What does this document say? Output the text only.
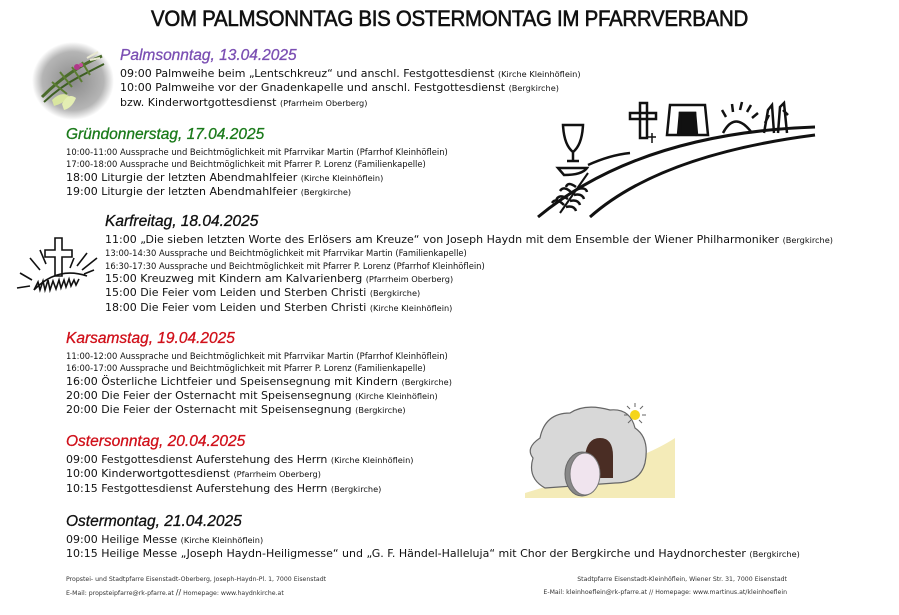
VOM PALMSONNTAG BIS OSTERMONTAG IM PFARRVERBAND
Palmsonntag, 13.04.2025
09:00 Palmweihe beim „Lentschkreuz“ und anschl. Festgottesdienst (Kirche Kleinhöflein)
10:00 Palmweihe vor der Gnadenkapelle und anschl. Festgottesdienst (Bergkirche)
bzw. Kinderwortgottesdienst (Pfarrheim Oberberg)
Gründonnerstag, 17.04.2025
10:00-11:00 Aussprache und Beichtmöglichkeit mit Pfarrvikar Martin (Pfarrhof Kleinhöflein)
17:00-18:00 Aussprache und Beichtmöglichkeit mit Pfarrer P. Lorenz (Familienkapelle)
18:00 Liturgie der letzten Abendmahlfeier (Kirche Kleinhöflein)
19:00 Liturgie der letzten Abendmahlfeier (Bergkirche)
Karfreitag, 18.04.2025
11:00 „Die sieben letzten Worte des Erlösers am Kreuze“ von Joseph Haydn mit dem Ensemble der Wiener Philharmoniker (Bergkirche)
13:00-14:30 Aussprache und Beichtmöglichkeit mit Pfarrvikar Martin (Familienkapelle)
16:30-17:30 Aussprache und Beichtmöglichkeit mit Pfarrer P. Lorenz (Pfarrhof Kleinhöflein)
15:00 Kreuzweg mit Kindern am Kalvarienberg (Pfarrheim Oberberg)
15:00 Die Feier vom Leiden und Sterben Christi (Bergkirche)
18:00 Die Feier vom Leiden und Sterben Christi (Kirche Kleinhöflein)
Karsamstag, 19.04.2025
11:00-12:00 Aussprache und Beichtmöglichkeit mit Pfarrvikar Martin (Pfarrhof Kleinhöflein)
16:00-17:00 Aussprache und Beichtmöglichkeit mit Pfarrer P. Lorenz (Familienkapelle)
16:00 Österliche Lichtfeier und Speisensegnung mit Kindern (Bergkirche)
20:00 Die Feier der Osternacht mit Speisensegnung (Kirche Kleinhöflein)
20:00 Die Feier der Osternacht mit Speisensegnung (Bergkirche)
Ostersonntag, 20.04.2025
09:00 Festgottesdienst Auferstehung des Herrn (Kirche Kleinhöflein)
10:00 Kinderwortgottesdienst (Pfarrheim Oberberg)
10:15 Festgottesdienst Auferstehung des Herrn (Bergkirche)
Ostermontag, 21.04.2025
09:00 Heilige Messe (Kirche Kleinhöflein)
10:15 Heilige Messe „Joseph Haydn-Heiligmesse“ und „G. F. Händel-Halleluja“ mit Chor der Bergkirche und Haydnorchester (Bergkirche)
Propstei- und Stadtpfarre Eisenstadt-Oberberg, Joseph-Haydn-Pl. 1, 7000 Eisenstadt
E-Mail: propsteipfarre@rk-pfarre.at // Homepage: www.haydnkirche.at
Stadtpfarre Eisenstadt-Kleinhöflein, Wiener Str. 31, 7000 Eisenstadt
E-Mail: kleinhoeflein@rk-pfarre.at // Homepage: www.martinus.at/kleinhoeflein
